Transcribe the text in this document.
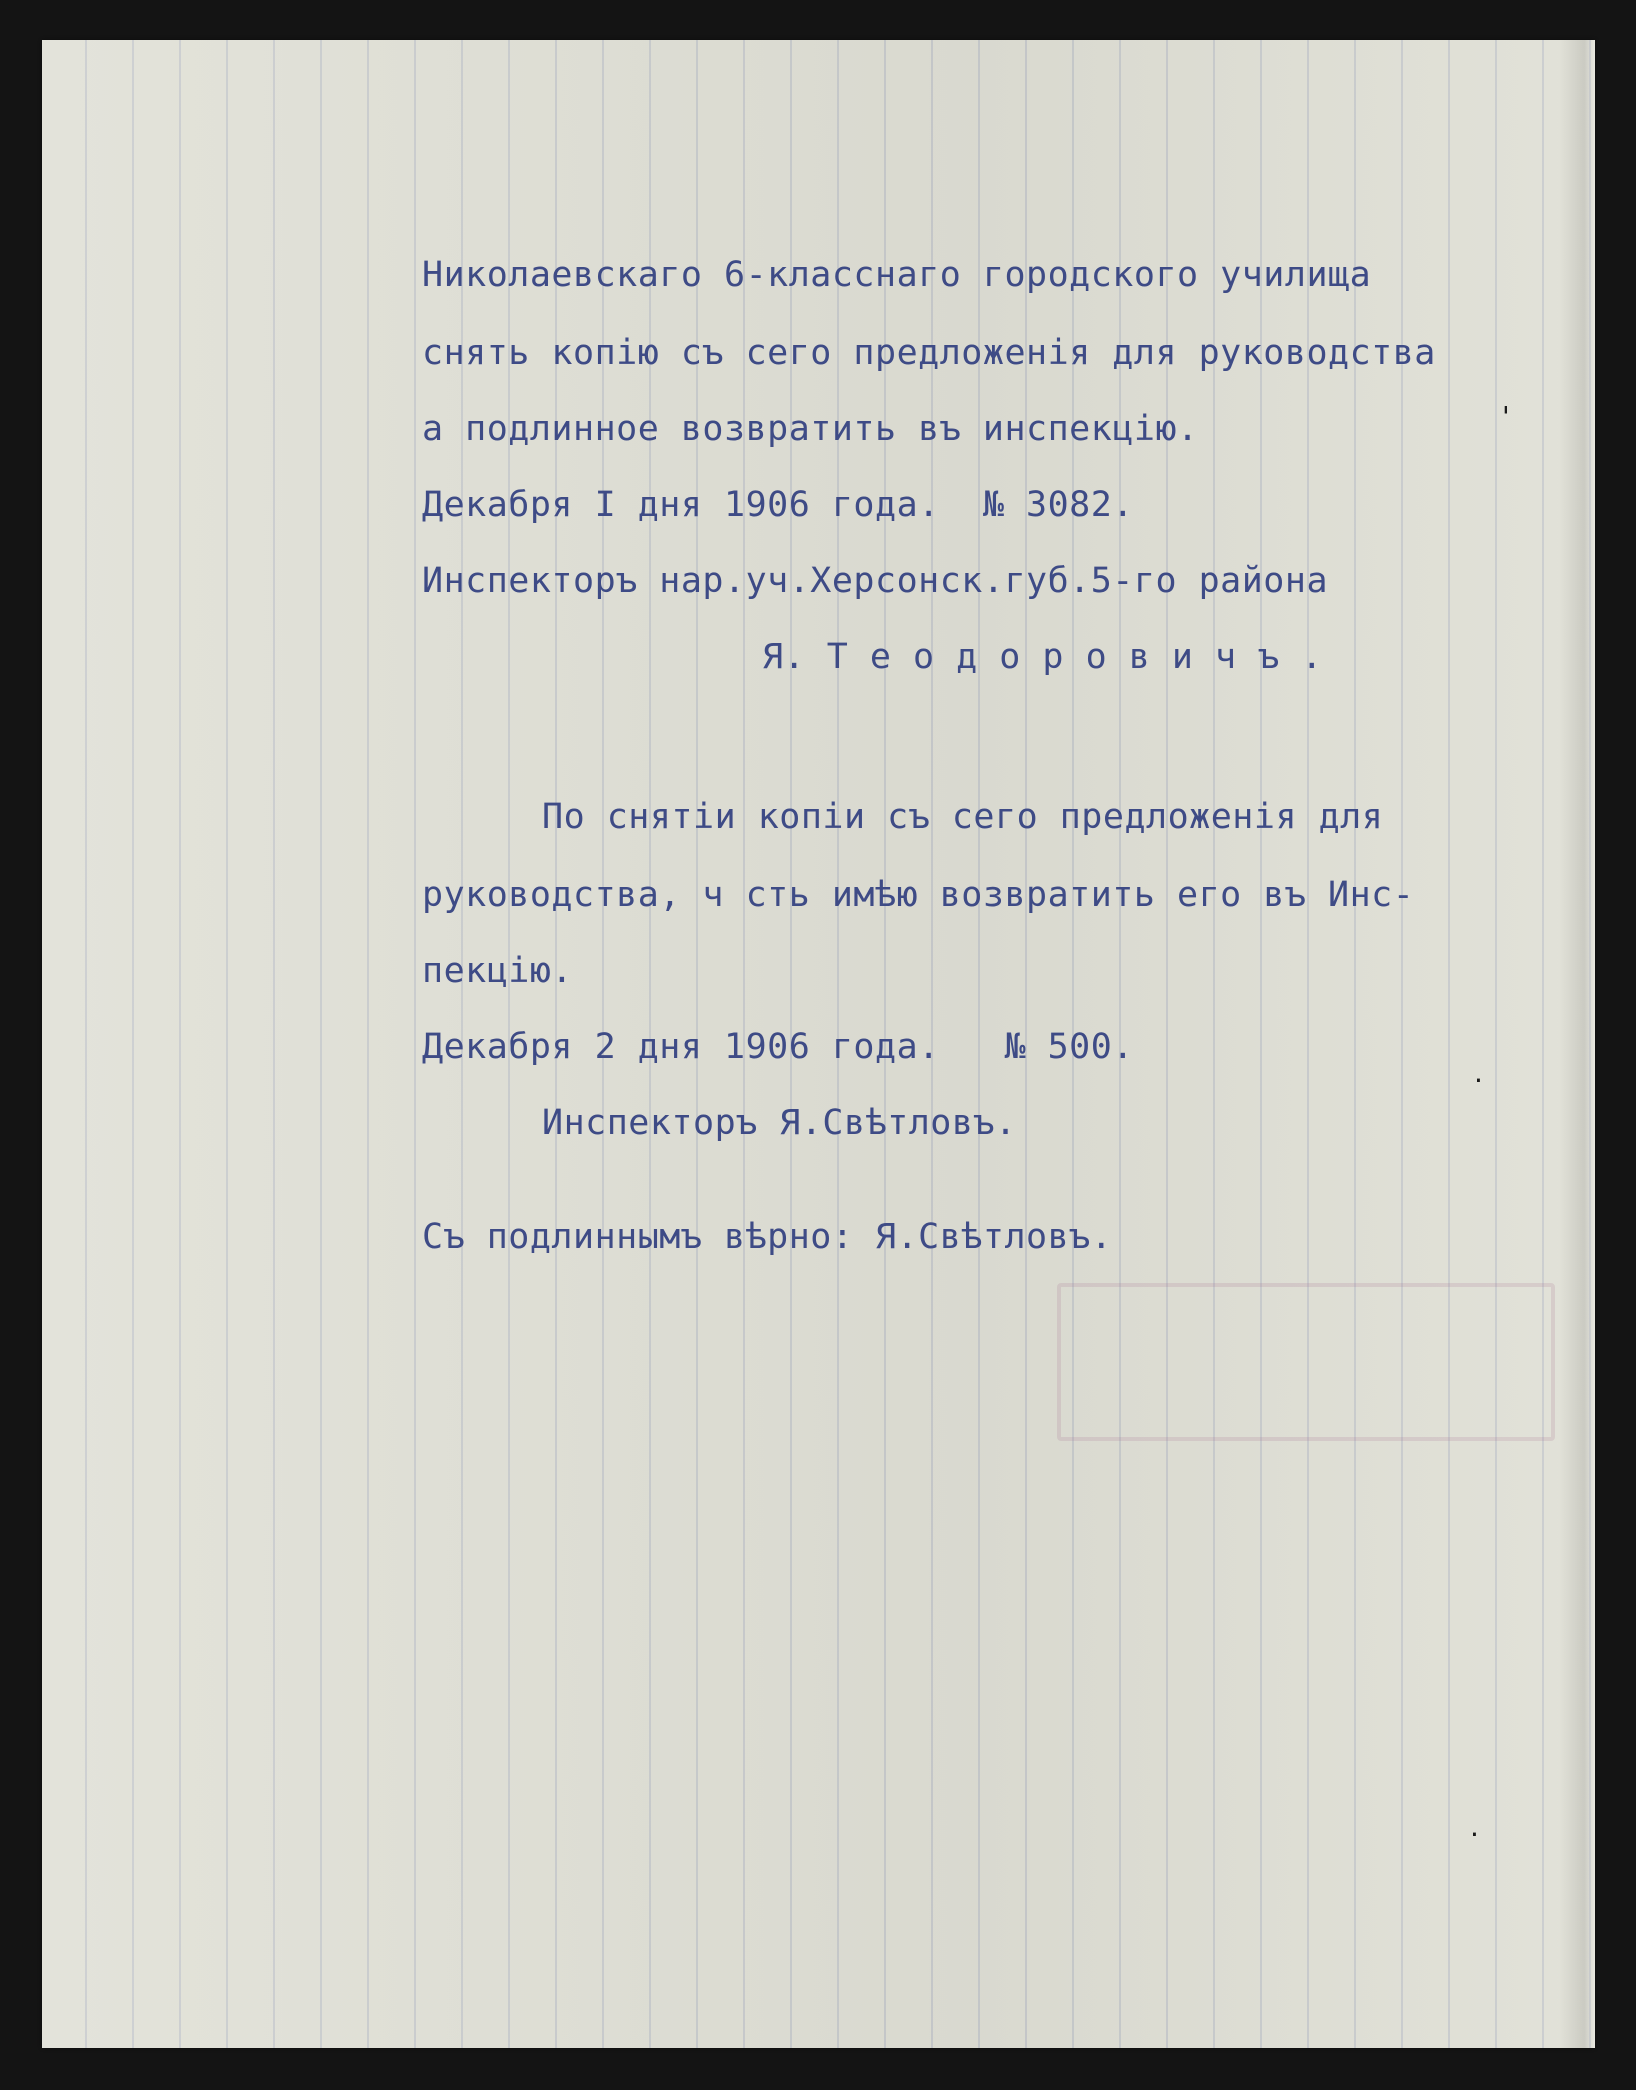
Николаевскаго 6-класснаго городского училища
снять копiю съ сего предложенiя для руководства
а подлинное возвратить въ инспекцiю.
Декабря I дня 1906 года.  № 3082.
Инспекторъ нар.уч.Херсонск.губ.5-го района
Я. Т е о д о р о в и ч ъ .
По снятiи копiи съ сего предложенiя для
руководства, ч сть имѣю возвратить его въ Инс-
пекцiю.
Декабря 2 дня 1906 года.   № 500.
Инспекторъ Я.Свѣтловъ.
Съ подлиннымъ вѣрно: Я.Свѣтловъ.
'
·
·
